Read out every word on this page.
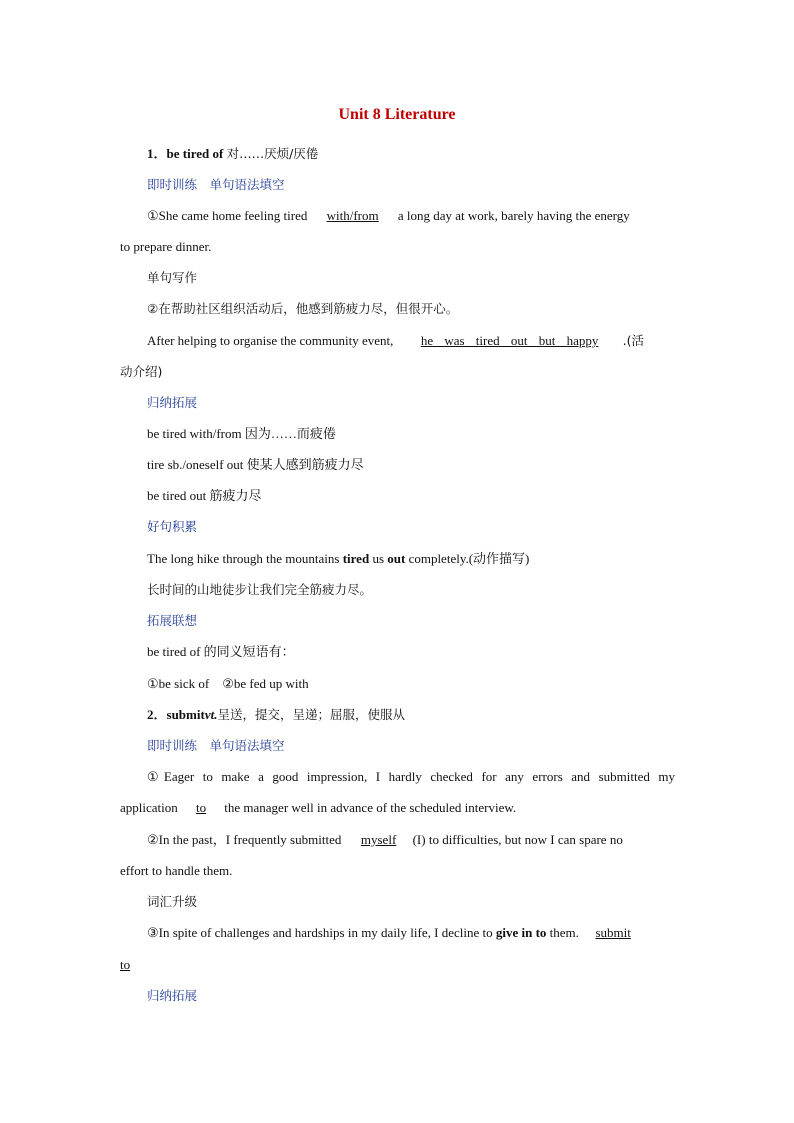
Unit 8 Literature
1．be tired of 对……厌烦/厌倦
即时训练　单句语法填空
①She came home feeling tired with/from a long day at work, barely having the energy
to prepare dinner.
单句写作
②在帮助社区组织活动后，他感到筋疲力尽，但很开心。
After helping to organise the community event, he was tired out but happy .(活
动介绍)
归纳拓展
be tired with/from 因为……而疲倦
tire sb./oneself out 使某人感到筋疲力尽
be tired out 筋疲力尽
好句积累
The long hike through the mountains tired us out completely.(动作描写)
长时间的山地徒步让我们完全筋疲力尽。
拓展联想
be tired of 的同义短语有：
①be sick of　②be fed up with
2．submitvt.呈送，提交，呈递；屈服，使服从
即时训练　单句语法填空
①Eager to make a good impression, I hardly checked for any errors and submitted my
application to the manager well in advance of the scheduled interview.
②In the past，I frequently submitted myself (I) to difficulties, but now I can spare no
effort to handle them.
词汇升级
③In spite of challenges and hardships in my daily life, I decline to give in to them. submit
to
归纳拓展
